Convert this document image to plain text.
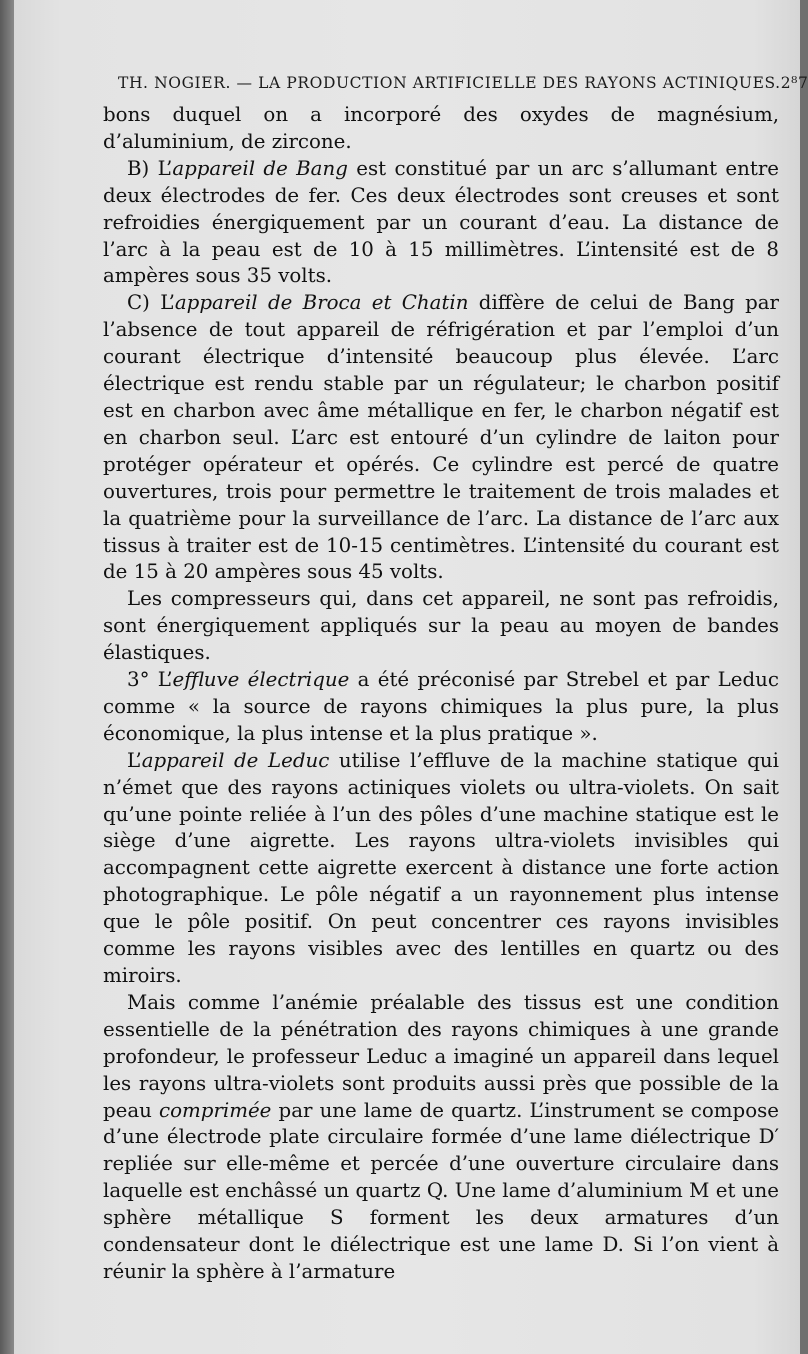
TH. NOGIER. — LA PRODUCTION ARTIFICIELLE DES RAYONS ACTINIQUES. 2⁸7

bons duquel on a incorporé des oxydes de magnésium, d’aluminium, de zircone.

B) L’appareil de Bang est constitué par un arc s’allumant entre deux électrodes de fer. Ces deux électrodes sont creuses et sont refroidies énergiquement par un courant d’eau. La distance de l’arc à la peau est de 10 à 15 millimètres. L’intensité est de 8 ampères sous 35 volts.

C) L’appareil de Broca et Chatin diffère de celui de Bang par l’absence de tout appareil de réfrigération et par l’emploi d’un courant électrique d’intensité beaucoup plus élevée. L’arc électrique est rendu stable par un régulateur; le charbon positif est en charbon avec âme métallique en fer, le charbon négatif est en charbon seul. L’arc est entouré d’un cylindre de laiton pour protéger opérateur et opérés. Ce cylindre est percé de quatre ouvertures, trois pour permettre le traitement de trois malades et la quatrième pour la surveillance de l’arc. La distance de l’arc aux tissus à traiter est de 10-15 centimètres. L’intensité du courant est de 15 à 20 ampères sous 45 volts.

Les compresseurs qui, dans cet appareil, ne sont pas refroidis, sont énergiquement appliqués sur la peau au moyen de bandes élastiques.

3° L’effluve électrique a été préconisé par Strebel et par Leduc comme « la source de rayons chimiques la plus pure, la plus économique, la plus intense et la plus pratique ».

L’appareil de Leduc utilise l’effluve de la machine statique qui n’émet que des rayons actiniques violets ou ultra-violets. On sait qu’une pointe reliée à l’un des pôles d’une machine statique est le siège d’une aigrette. Les rayons ultra-violets invisibles qui accompagnent cette aigrette exercent à distance une forte action photographique. Le pôle négatif a un rayonnement plus intense que le pôle positif. On peut concentrer ces rayons invisibles comme les rayons visibles avec des lentilles en quartz ou des miroirs.

Mais comme l’anémie préalable des tissus est une condition essentielle de la pénétration des rayons chimiques à une grande profondeur, le professeur Leduc a imaginé un appareil dans lequel les rayons ultra-violets sont produits aussi près que possible de la peau comprimée par une lame de quartz. L’instrument se compose d’une électrode plate circulaire formée d’une lame diélectrique D′ repliée sur elle-même et percée d’une ouverture circulaire dans laquelle est enchâssé un quartz Q. Une lame d’aluminium M et une sphère métallique S forment les deux armatures d’un condensateur dont le diélectrique est une lame D. Si l’on vient à réunir la sphère à l’armature
